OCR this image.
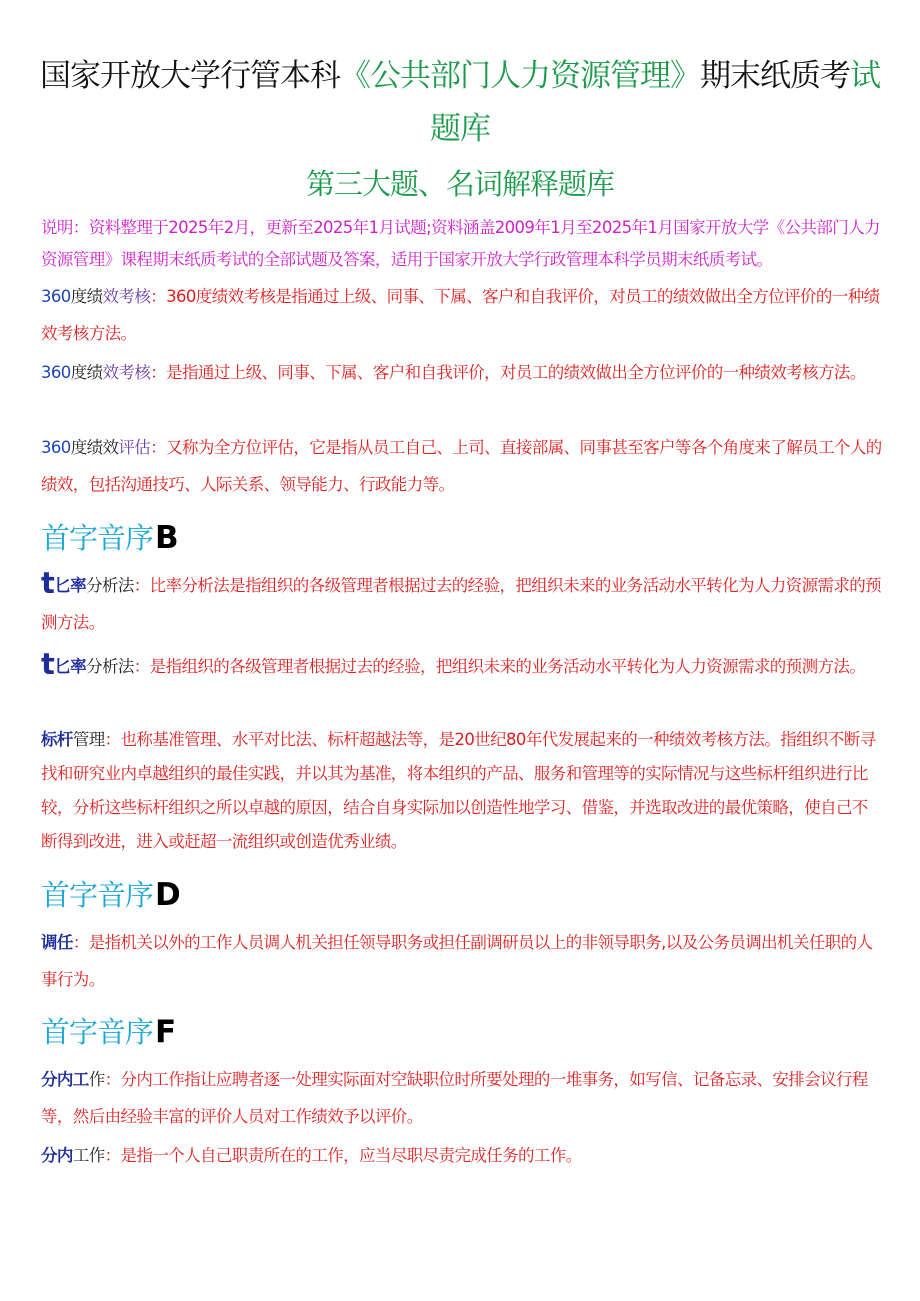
国家开放大学行管本科《公共部门人力资源管理》期末纸质考试
题库
第三大题、名词解释题库
说明：资料整理于2025年2月，更新至2025年1月试题;资料涵盖2009年1月至2025年1月国家开放大学《公共部门人力资源管理》课程期末纸质考试的全部试题及答案，适用于国家开放大学行政管理本科学员期末纸质考试。
360度绩效考核：360度绩效考核是指通过上级、同事、下属、客户和自我评价，对员工的绩效做出全方位评价的一种绩效考核方法。
360度绩效考核：是指通过上级、同事、下属、客户和自我评价，对员工的绩效做出全方位评价的一种绩效考核方法。
360度绩效评估：又称为全方位评估，它是指从员工自己、上司、直接部属、同事甚至客户等各个角度来了解员工个人的绩效，包括沟通技巧、人际关系、领导能力、行政能力等。
首字音序B
t匕率分析法：比率分析法是指组织的各级管理者根据过去的经验，把组织未来的业务活动水平转化为人力资源需求的预测方法。
t匕率分析法：是指组织的各级管理者根据过去的经验，把组织未来的业务活动水平转化为人力资源需求的预测方法。
标杆管理：也称基准管理、水平对比法、标杆超越法等，是20世纪80年代发展起来的一种绩效考核方法。指组织不断寻找和研究业内卓越组织的最佳实践，并以其为基准，将本组织的产品、服务和管理等的实际情况与这些标杆组织进行比较，分析这些标杆组织之所以卓越的原因，结合自身实际加以创造性地学习、借鉴，并选取改进的最优策略，使自己不断得到改进，进入或赶超一流组织或创造优秀业绩。
首字音序D
调任：是指机关以外的工作人员调人机关担任领导职务或担任副调研员以上的非领导职务,以及公务员调出机关任职的人事行为。
首字音序F
分内工作：分内工作指让应聘者逐一处理实际面对空缺职位时所要处理的一堆事务，如写信、记备忘录、安排会议行程等，然后由经验丰富的评价人员对工作绩效予以评价。
分内工作：是指一个人自己职责所在的工作，应当尽职尽责完成任务的工作。
